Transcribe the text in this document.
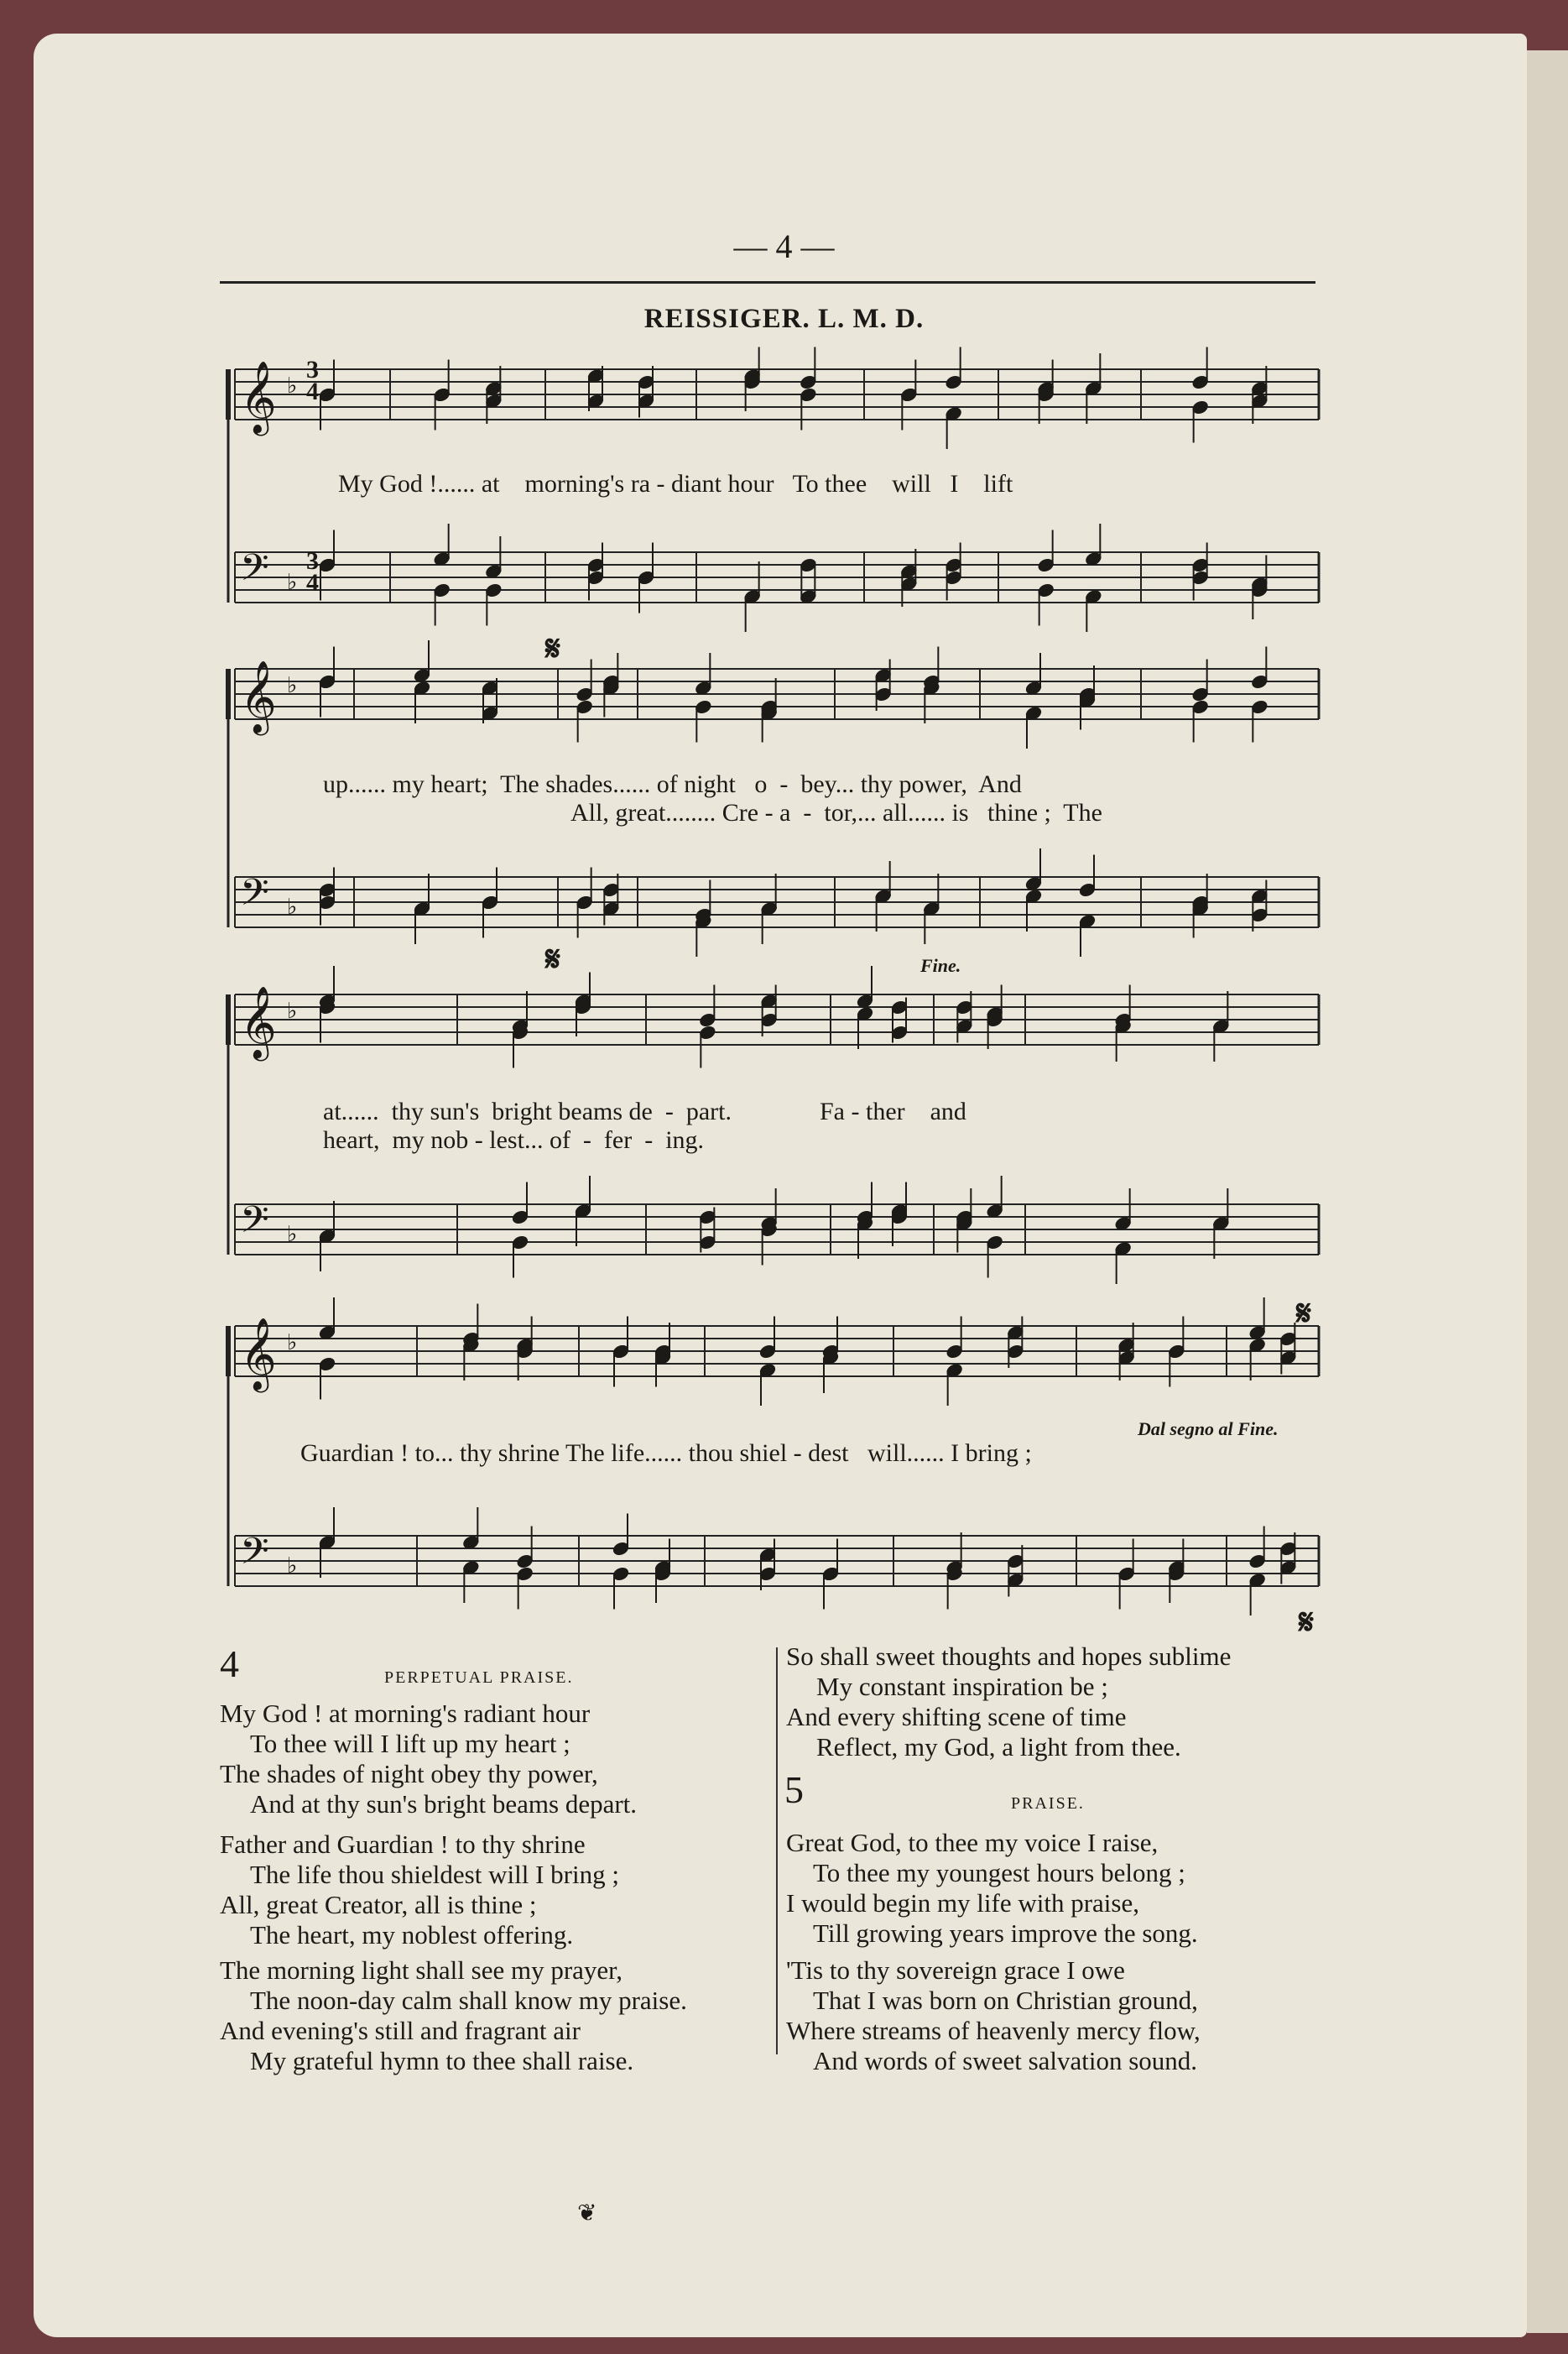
— 4 —
REISSIGER. L. M. D.
𝄞
𝄢
♭
♭
𝄞
𝄢
♭
♭
𝄞
𝄢
♭
♭
𝄞
𝄢
♭
♭
3
4
3
4
My God !...... at    morning's ra - diant hour   To thee    will   I    lift
up...... my heart;  The shades...... of night   o  -  bey... thy power,  And
All, great........ Cre - a  -  tor,... all...... is   thine ;  The
at......  thy sun's  bright beams de  -  part.              Fa - ther    and
heart,  my nob - lest... of  -  fer  -  ing.
Guardian ! to... thy shrine The life...... thou shiel - dest   will...... I bring ;
Fine.
Dal segno al Fine.
𝄋
𝄋
𝄋
𝄋
4	PERPETUAL PRAISE.
My God ! at morning's radiant hour
To thee will I lift up my heart ;
The shades of night obey thy power,
And at thy sun's bright beams depart.
Father and Guardian ! to thy shrine
The life thou shieldest will I bring ;
All, great Creator, all is thine ;
The heart, my noblest offering.
The morning light shall see my prayer,
The noon-day calm shall know my praise.
And evening's still and fragrant air
My grateful hymn to thee shall raise.
So shall sweet thoughts and hopes sublime
My constant inspiration be ;
And every shifting scene of time
Reflect, my God, a light from thee.
5	PRAISE.
Great God, to thee my voice I raise,
To thee my youngest hours belong ;
I would begin my life with praise,
Till growing years improve the song.
'Tis to thy sovereign grace I owe
That I was born on Christian ground,
Where streams of heavenly mercy flow,
And words of sweet salvation sound.
❦
